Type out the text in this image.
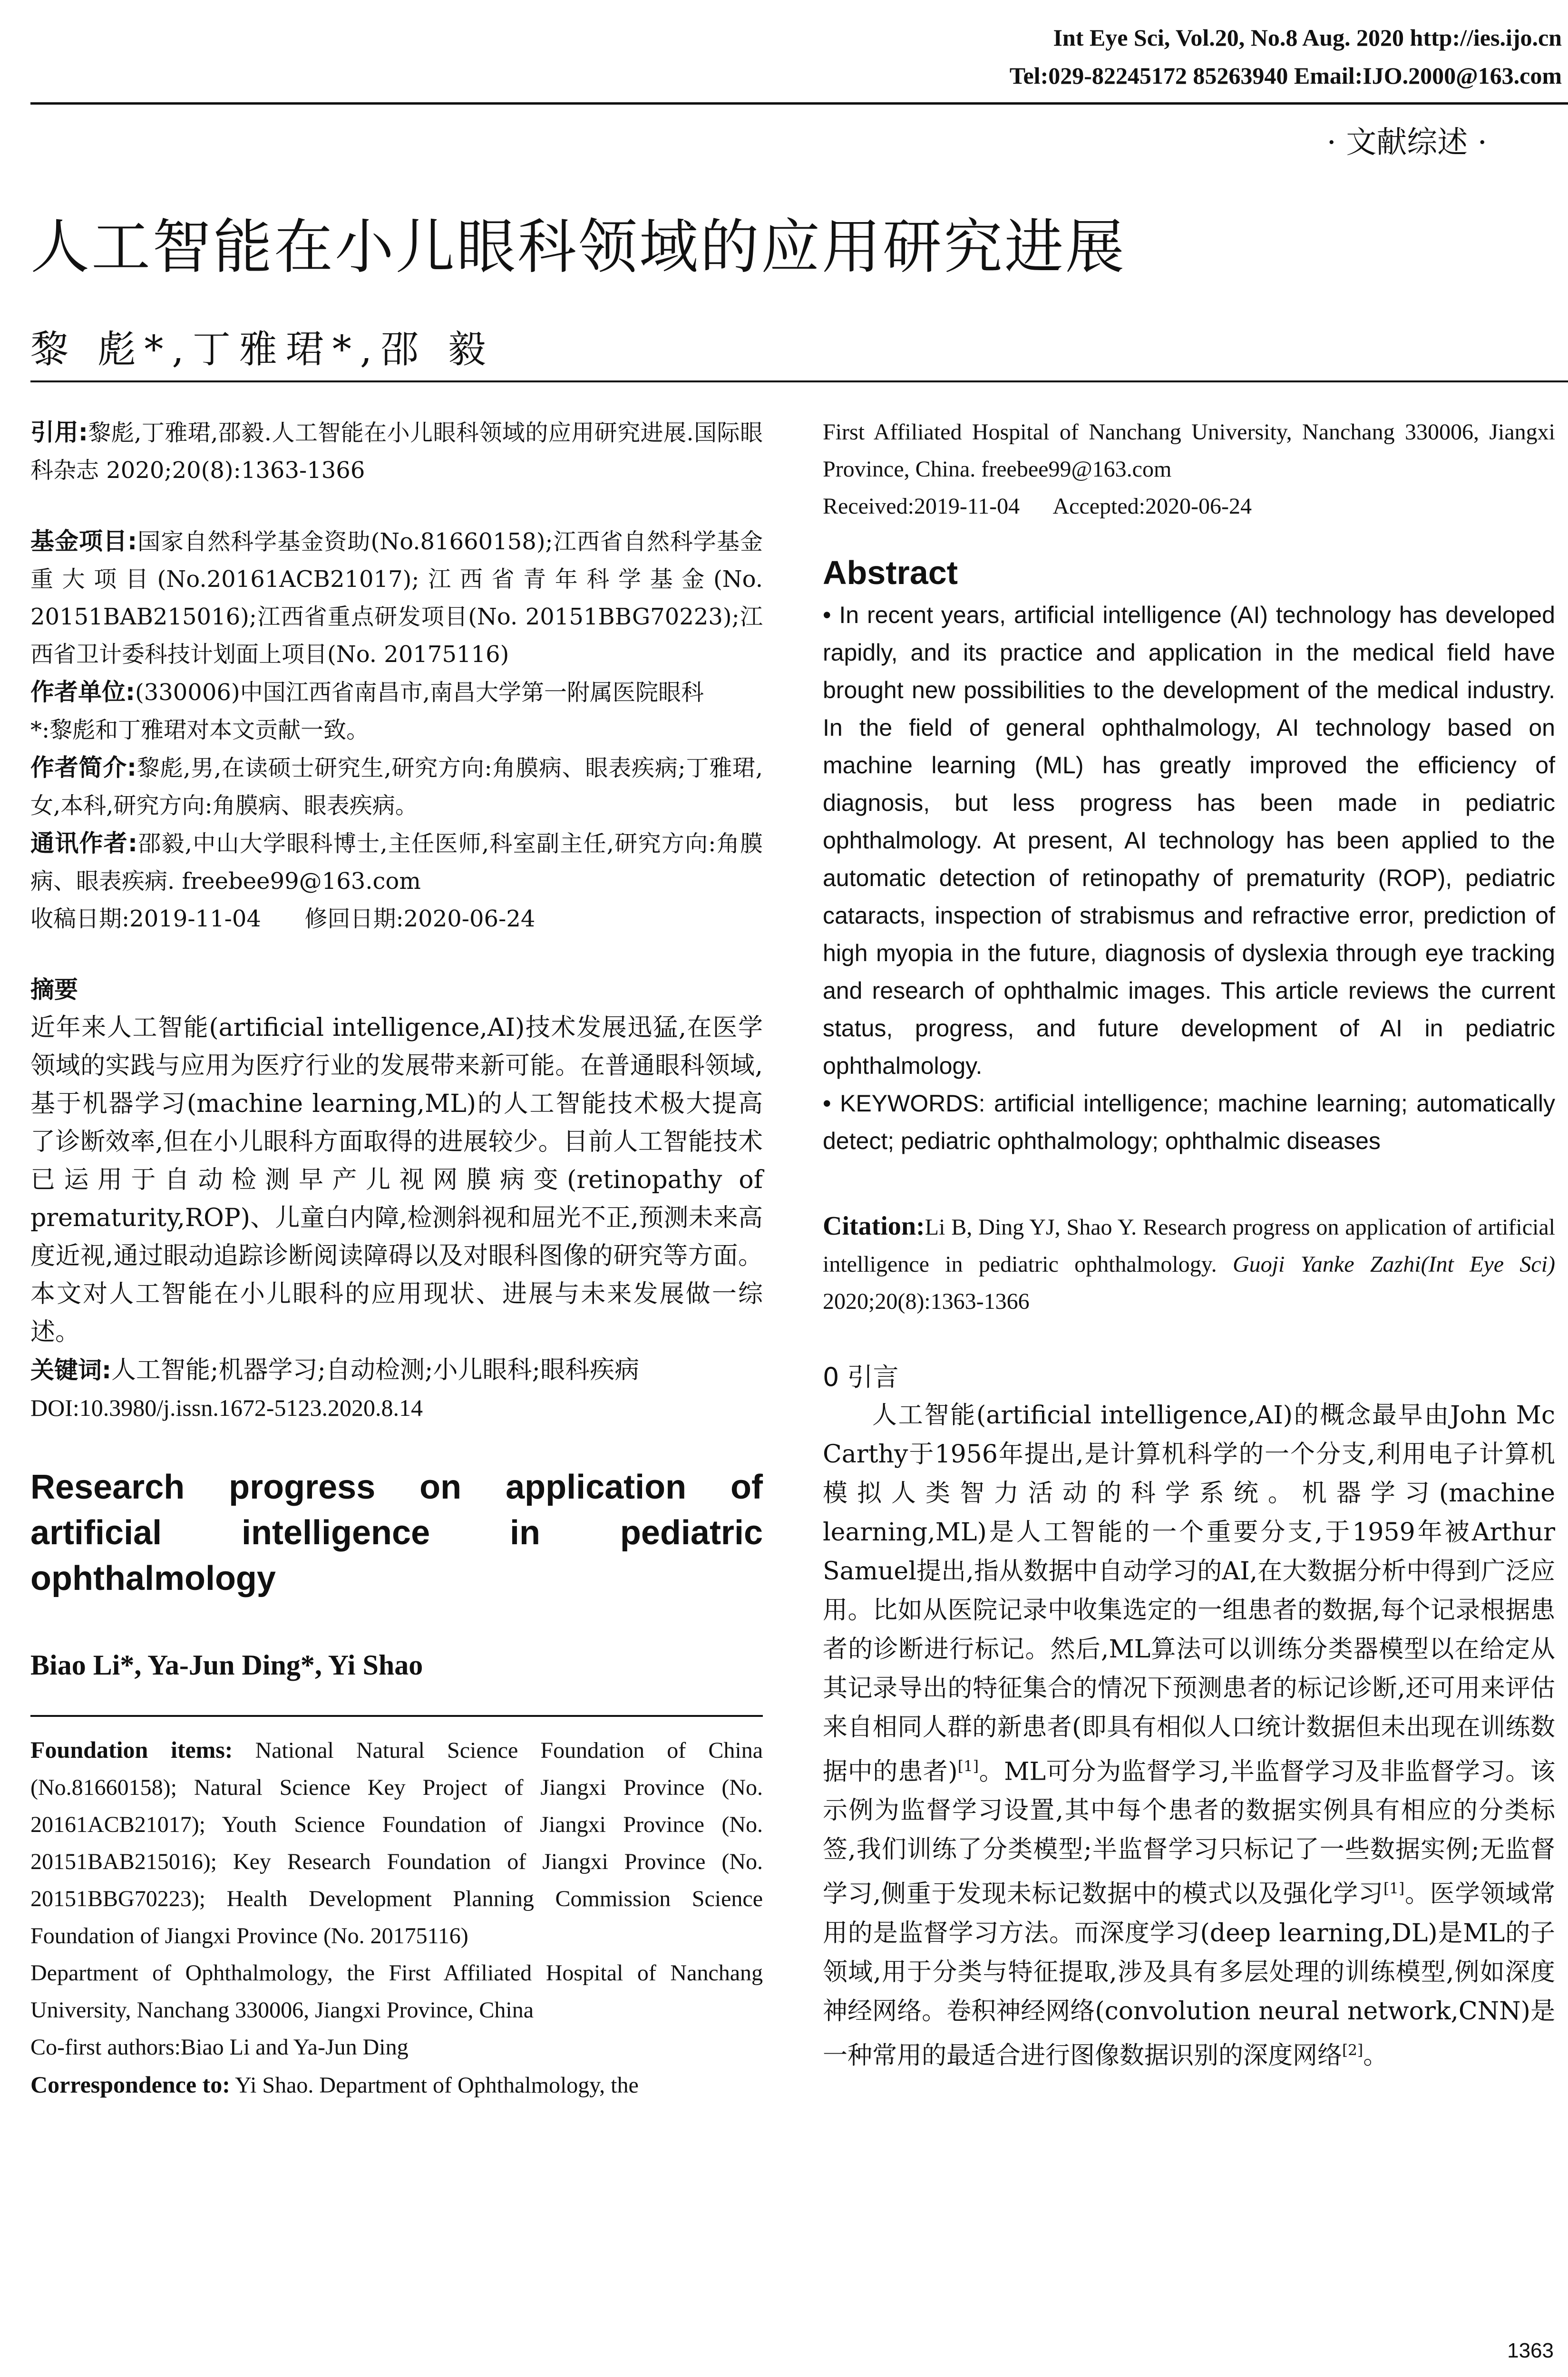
Int Eye Sci, Vol.20, No.8 Aug. 2020 http://ies.ijo.cn
Tel:029-82245172 85263940 Email:IJO.2000@163.com
· 文献综述 ·
人工智能在小儿眼科领域的应用研究进展
黎 彪*,丁雅珺*,邵 毅

引用:黎彪,丁雅珺,邵毅.人工智能在小儿眼科领域的应用研究进展.国际眼科杂志 2020;20(8):1363-1366

基金项目:国家自然科学基金资助(No.81660158);江西省自然科学基金重大项目(No.20161ACB21017);江西省青年科学基金(No. 20151BAB215016);江西省重点研发项目(No. 20151BBG70223);江西省卫计委科技计划面上项目(No. 20175116)

作者单位:(330006)中国江西省南昌市,南昌大学第一附属医院眼科

*:黎彪和丁雅珺对本文贡献一致。

作者简介:黎彪,男,在读硕士研究生,研究方向:角膜病、眼表疾病;丁雅珺,女,本科,研究方向:角膜病、眼表疾病。

通讯作者:邵毅,中山大学眼科博士,主任医师,科室副主任,研究方向:角膜病、眼表疾病. freebee99@163.com

收稿日期:2019-11-04      修回日期:2020-06-24

摘要

近年来人工智能(artificial intelligence,AI)技术发展迅猛,在医学领域的实践与应用为医疗行业的发展带来新可能。在普通眼科领域,基于机器学习(machine learning,ML)的人工智能技术极大提高了诊断效率,但在小儿眼科方面取得的进展较少。目前人工智能技术已运用于自动检测早产儿视网膜病变(retinopathy of prematurity,ROP)、儿童白内障,检测斜视和屈光不正,预测未来高度近视,通过眼动追踪诊断阅读障碍以及对眼科图像的研究等方面。本文对人工智能在小儿眼科的应用现状、进展与未来发展做一综述。

关键词:人工智能;机器学习;自动检测;小儿眼科;眼科疾病

DOI:10.3980/j.issn.1672-5123.2020.8.14

Research progress on application of artificial intelligence in pediatric
ophthalmology
Biao Li*, Ya-Jun Ding*, Yi Shao

Foundation items: National Natural Science Foundation of China (No.81660158); Natural Science Key Project of Jiangxi Province (No. 20161ACB21017); Youth Science Foundation of Jiangxi Province (No. 20151BAB215016); Key Research Foundation of Jiangxi Province (No. 20151BBG70223); Health Development Planning Commission Science Foundation of Jiangxi Province (No. 20175116)

Department of Ophthalmology, the First Affiliated Hospital of Nanchang University, Nanchang 330006, Jiangxi Province, China

Co-first authors:Biao Li and Ya-Jun Ding

Correspondence to: Yi Shao. Department of Ophthalmology, the

First Affiliated Hospital of Nanchang University, Nanchang 330006, Jiangxi Province, China. freebee99@163.com

Received:2019-11-04      Accepted:2020-06-24

Abstract

• In recent years, artificial intelligence (AI) technology has developed rapidly, and its practice and application in the medical field have brought new possibilities to the development of the medical industry. In the field of general ophthalmology, AI technology based on machine learning (ML) has greatly improved the efficiency of diagnosis, but less progress has been made in pediatric ophthalmology. At present, AI technology has been applied to the automatic detection of retinopathy of prematurity (ROP), pediatric cataracts, inspection of strabismus and refractive error, prediction of high myopia in the future, diagnosis of dyslexia through eye tracking and research of ophthalmic images. This article reviews the current status, progress, and future development of AI in pediatric ophthalmology.

• KEYWORDS: artificial intelligence; machine learning; automatically detect; pediatric ophthalmology; ophthalmic diseases

Citation:Li B, Ding YJ, Shao Y. Research progress on application of artificial intelligence in pediatric ophthalmology. Guoji Yanke Zazhi(Int Eye Sci) 2020;20(8):1363-1366

0 引言

人工智能(artificial intelligence,AI)的概念最早由John Mc Carthy于1956年提出,是计算机科学的一个分支,利用电子计算机模拟人类智力活动的科学系统。机器学习(machine learning,ML)是人工智能的一个重要分支,于1959年被Arthur Samuel提出,指从数据中自动学习的AI,在大数据分析中得到广泛应用。比如从医院记录中收集选定的一组患者的数据,每个记录根据患者的诊断进行标记。然后,ML算法可以训练分类器模型以在给定从其记录导出的特征集合的情况下预测患者的标记诊断,还可用来评估来自相同人群的新患者(即具有相似人口统计数据但未出现在训练数据中的患者)[1]。ML可分为监督学习,半监督学习及非监督学习。该示例为监督学习设置,其中每个患者的数据实例具有相应的分类标签,我们训练了分类模型;半监督学习只标记了一些数据实例;无监督学习,侧重于发现未标记数据中的模式以及强化学习[1]。医学领域常用的是监督学习方法。而深度学习(deep learning,DL)是ML的子领域,用于分类与特征提取,涉及具有多层处理的训练模型,例如深度神经网络。卷积神经网络(convolution neural network,CNN)是一种常用的最适合进行图像数据识别的深度网络[2]。

1363
